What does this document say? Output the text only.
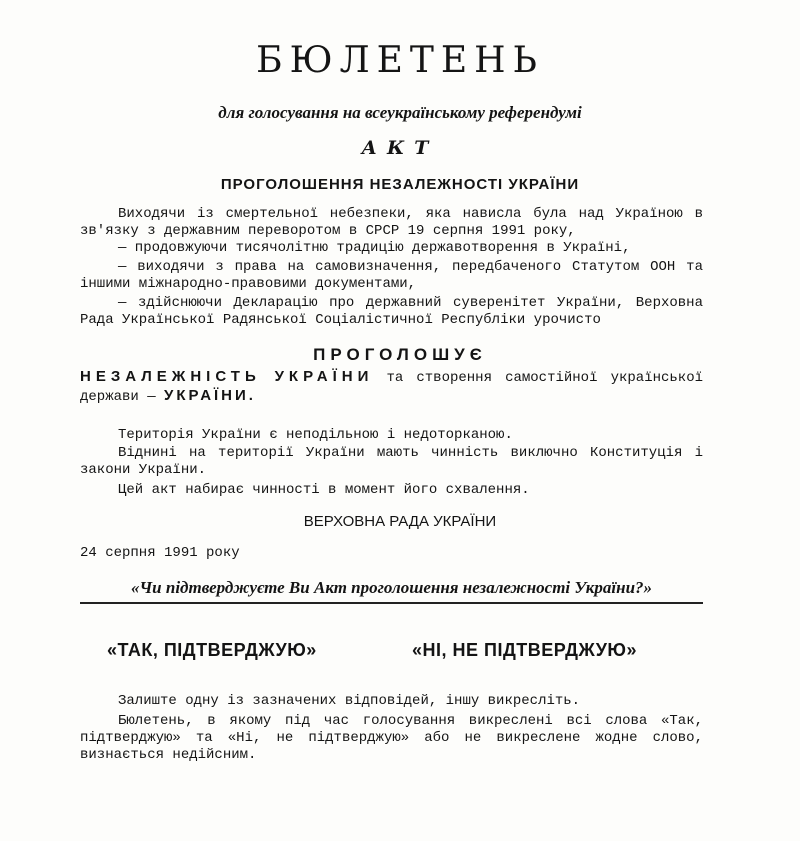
БЮЛЕТЕНЬ
для голосування на всеукраїнському референдумі
АКТ
ПРОГОЛОШЕННЯ НЕЗАЛЕЖНОСТІ УКРАЇНИ
Виходячи із смертельної небезпеки, яка нависла була над Україною в зв'язку з державним переворотом в СРСР 19 серпня 1991 року,
— продовжуючи тисячолітню традицію державотворення в Україні,
— виходячи з права на самовизначення, передбаченого Статутом ООН та іншими міжнародно-правовими документами,
— здійснюючи Декларацію про державний суверенітет України, Верховна Рада Української Радянської Соціалістичної Республіки урочисто
ПРОГОЛОШУЄ
НЕЗАЛЕЖНІСТЬ УКРАЇНИ та створення самостійної української держави — УКРАЇНИ.
Територія України є неподільною і недоторканою.
Віднині на території України мають чинність виключно Конституція і закони України.
Цей акт набирає чинності в момент його схвалення.
ВЕРХОВНА РАДА УКРАЇНИ
24 серпня 1991 року
«Чи підтверджуєте Ви Акт проголошення незалежності України?»
«ТАК, ПІДТВЕРДЖУЮ»	«НІ, НЕ ПІДТВЕРДЖУЮ»
Залиште одну із зазначених відповідей, іншу викресліть.
Бюлетень, в якому під час голосування викреслені всі слова «Так, підтверджую» та «Ні, не підтверджую» або не викреслене жодне слово, визнається недійсним.
